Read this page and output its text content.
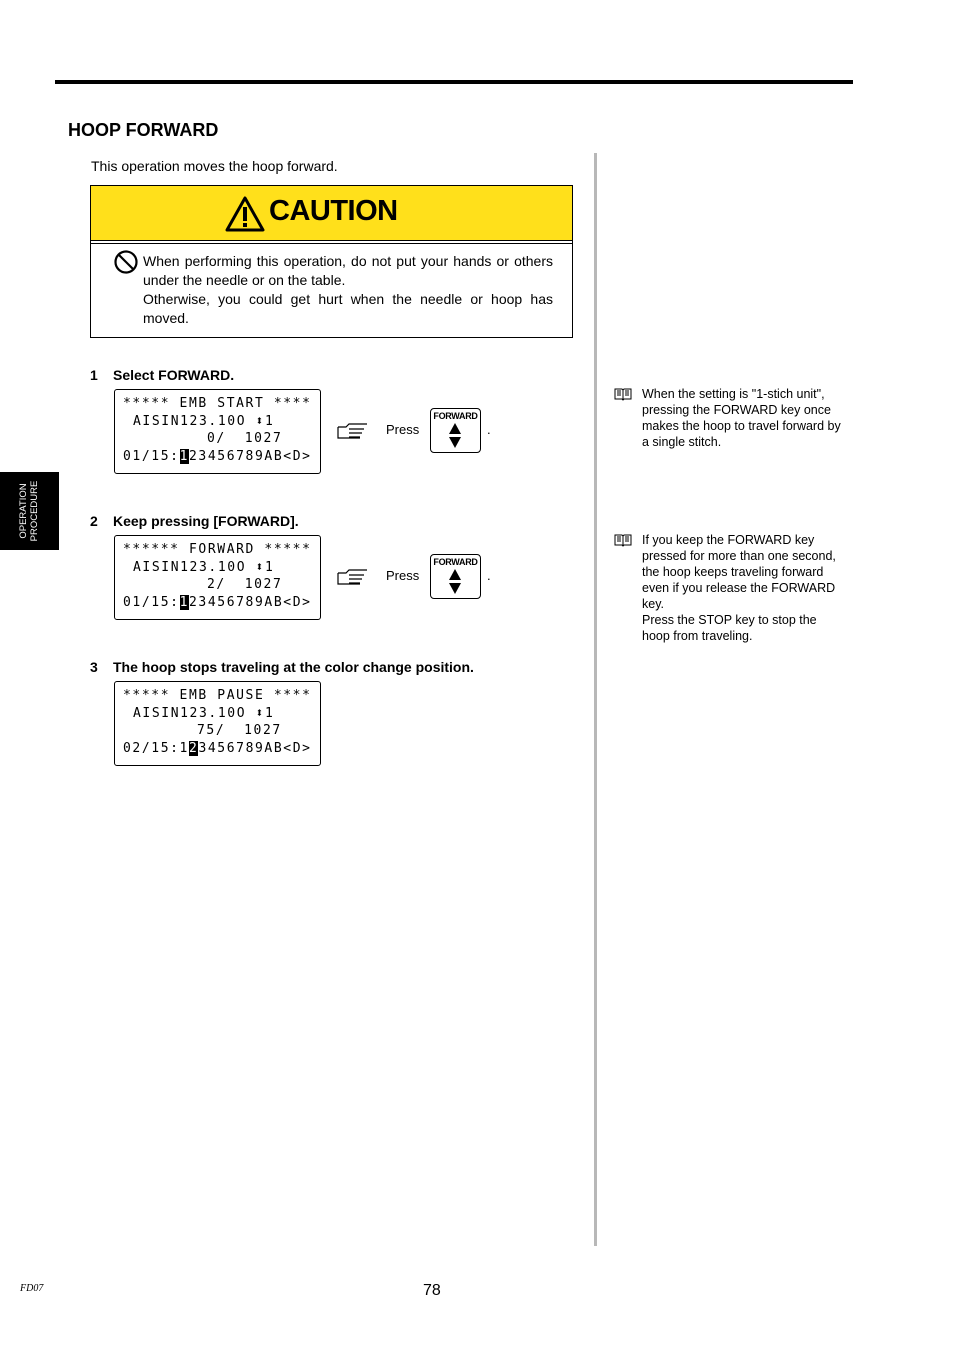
HOOP FORWARD
This operation moves the hoop forward.
CAUTION

When performing this operation, do not put your hands or others under the needle or on the table.

Otherwise, you could get hurt when the needle or hoop has moved.

1 Select FORWARD.
***** EMB START ****
AISIN123.10O ⬍1
0/  1027
01/15:123456789AB<D>
Press
FORWARD
.
2 Keep pressing [FORWARD].
****** FORWARD *****
AISIN123.10O ⬍1
2/  1027
01/15:123456789AB<D>
Press
FORWARD
.
3 The hoop stops traveling at the color change position.
***** EMB PAUSE ****
AISIN123.10O ⬍1
75/  1027
02/15:123456789AB<D>

When the setting is "1-stich unit", pressing the FORWARD key once makes the hoop to travel forward by a single stitch.

If you keep the FORWARD key pressed for more than one second, the hoop keeps traveling forward even if you release the FORWARD key.

Press the STOP key to stop the hoop from traveling.

OPERATION PROCEDURE
78
FD07
